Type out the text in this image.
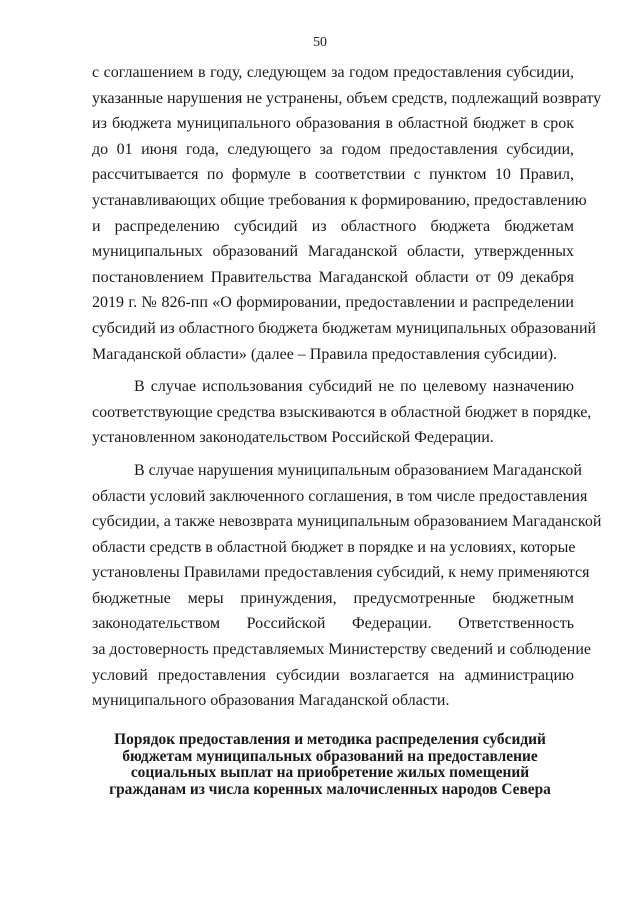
50
с соглашением в году, следующем за годом предоставления субсидии,
указанные нарушения не устранены, объем средств, подлежащий возврату
из бюджета муниципального образования в областной бюджет в срок
до 01 июня года, следующего за годом предоставления субсидии,
рассчитывается по формуле в соответствии с пунктом 10 Правил,
устанавливающих общие требования к формированию, предоставлению
и распределению субсидий из областного бюджета бюджетам
муниципальных образований Магаданской области, утвержденных
постановлением Правительства Магаданской области от 09 декабря
2019 г. № 826-пп «О формировании, предоставлении и распределении
субсидий из областного бюджета бюджетам муниципальных образований
Магаданской области» (далее – Правила предоставления субсидии).
В случае использования субсидий не по целевому назначению
соответствующие средства взыскиваются в областной бюджет в порядке,
установленном законодательством Российской Федерации.
В случае нарушения муниципальным образованием Магаданской
области условий заключенного соглашения, в том числе предоставления
субсидии, а также невозврата муниципальным образованием Магаданской
области средств в областной бюджет в порядке и на условиях, которые
установлены Правилами предоставления субсидий, к нему применяются
бюджетные меры принуждения, предусмотренные бюджетным
законодательством Российской Федерации. Ответственность
за достоверность представляемых Министерству сведений и соблюдение
условий предоставления субсидии возлагается на администрацию
муниципального образования Магаданской области.
Порядок предоставления и методика распределения субсидий
бюджетам муниципальных образований на предоставление
социальных выплат на приобретение жилых помещений
гражданам из числа коренных малочисленных народов Севера
